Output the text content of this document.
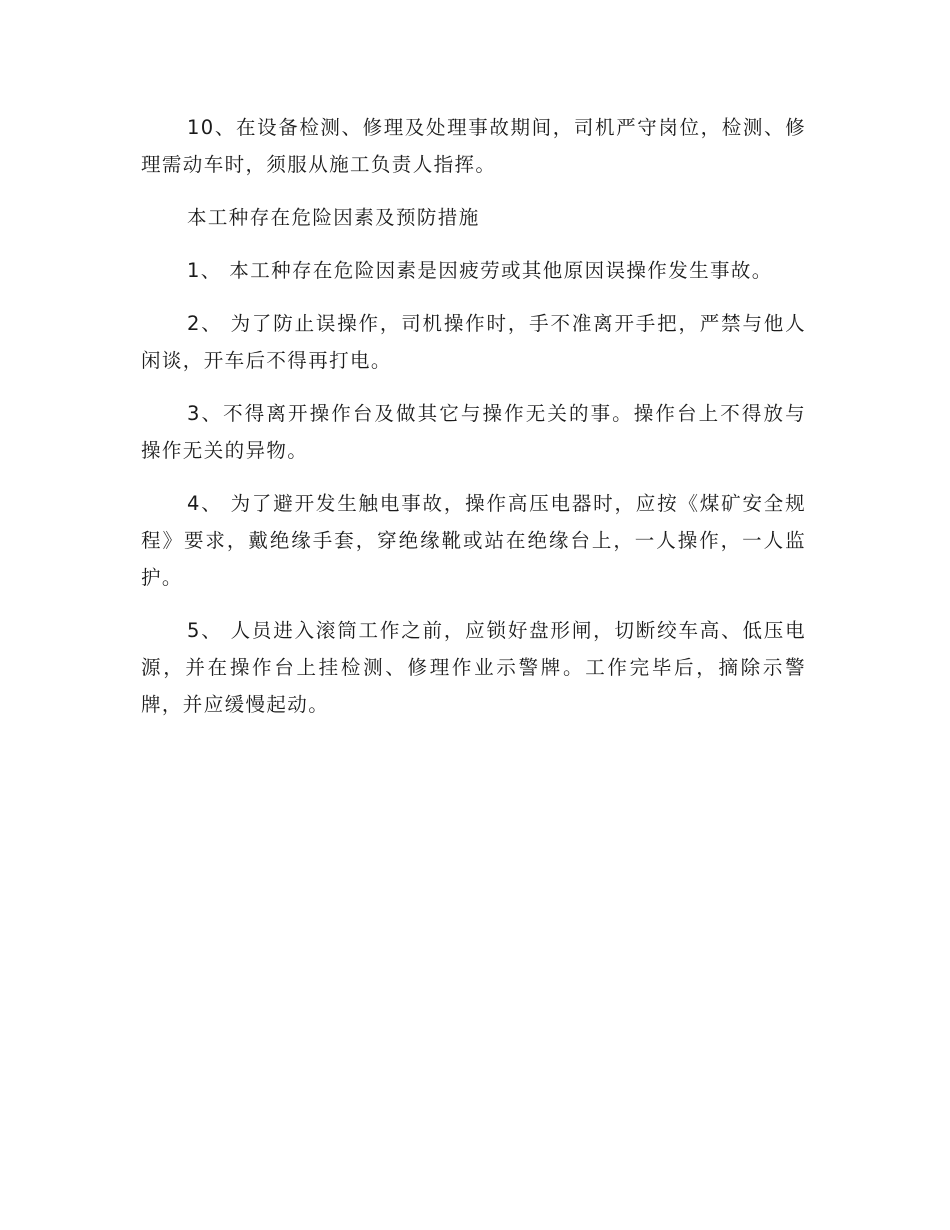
10、在设备检测、修理及处理事故期间，司机严守岗位，检测、修理需动车时，须服从施工负责人指挥。

本工种存在危险因素及预防措施

1、 本工种存在危险因素是因疲劳或其他原因误操作发生事故。

2、 为了防止误操作，司机操作时，手不准离开手把，严禁与他人闲谈，开车后不得再打电。

3、不得离开操作台及做其它与操作无关的事。操作台上不得放与操作无关的异物。

4、 为了避开发生触电事故，操作高压电器时，应按《煤矿安全规程》要求，戴绝缘手套，穿绝缘靴或站在绝缘台上，一人操作，一人监护。

5、 人员进入滚筒工作之前，应锁好盘形闸，切断绞车高、低压电源，并在操作台上挂检测、修理作业示警牌。工作完毕后，摘除示警牌，并应缓慢起动。
